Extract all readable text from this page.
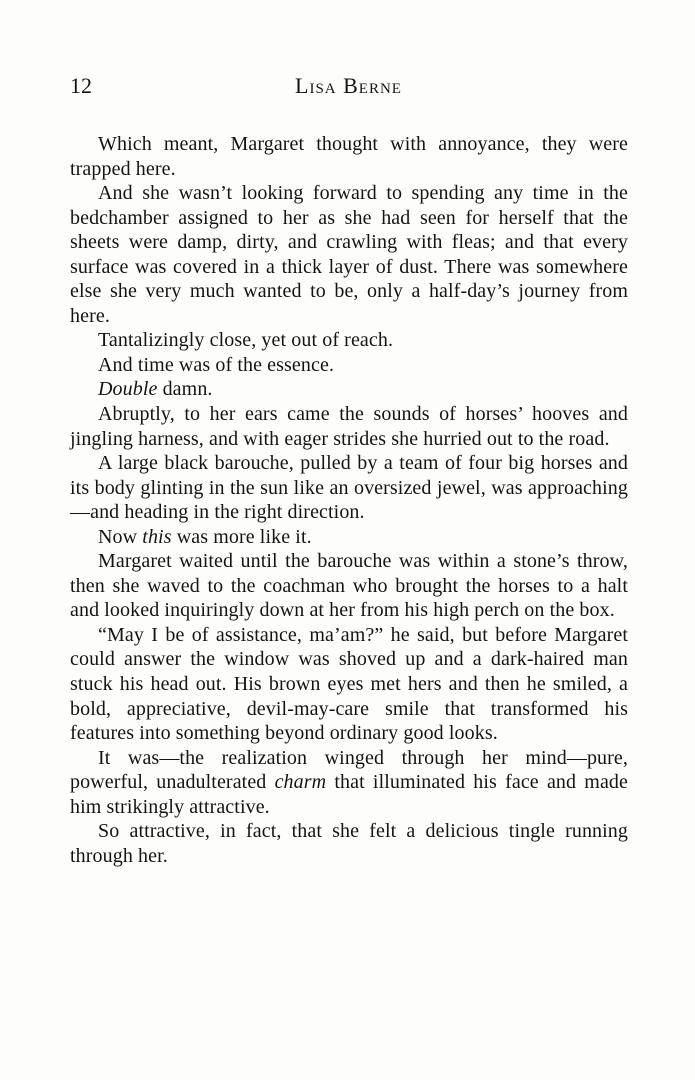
12	Lisa Berne

Which meant, Margaret thought with annoyance, they were trapped here.

And she wasn’t looking forward to spending any time in the bedchamber assigned to her as she had seen for herself that the sheets were damp, dirty, and crawling with fleas; and that every surface was covered in a thick layer of dust. There was somewhere else she very much wanted to be, only a half-day’s journey from here.

Tantalizingly close, yet out of reach.

And time was of the essence.

Double damn.

Abruptly, to her ears came the sounds of horses’ hooves and jingling harness, and with eager strides she hurried out to the road.

A large black barouche, pulled by a team of four big horses and its body glinting in the sun like an oversized jewel, was approaching—and heading in the right direction.

Now this was more like it.

Margaret waited until the barouche was within a stone’s throw, then she waved to the coachman who brought the horses to a halt and looked inquiringly down at her from his high perch on the box.

“May I be of assistance, ma’am?” he said, but before Margaret could answer the window was shoved up and a dark-haired man stuck his head out. His brown eyes met hers and then he smiled, a bold, appreciative, devil-may-care smile that transformed his features into something beyond ordinary good looks.

It was—the realization winged through her mind—pure, powerful, unadulterated charm that illuminated his face and made him strikingly attractive.

So attractive, in fact, that she felt a delicious tingle running through her.
